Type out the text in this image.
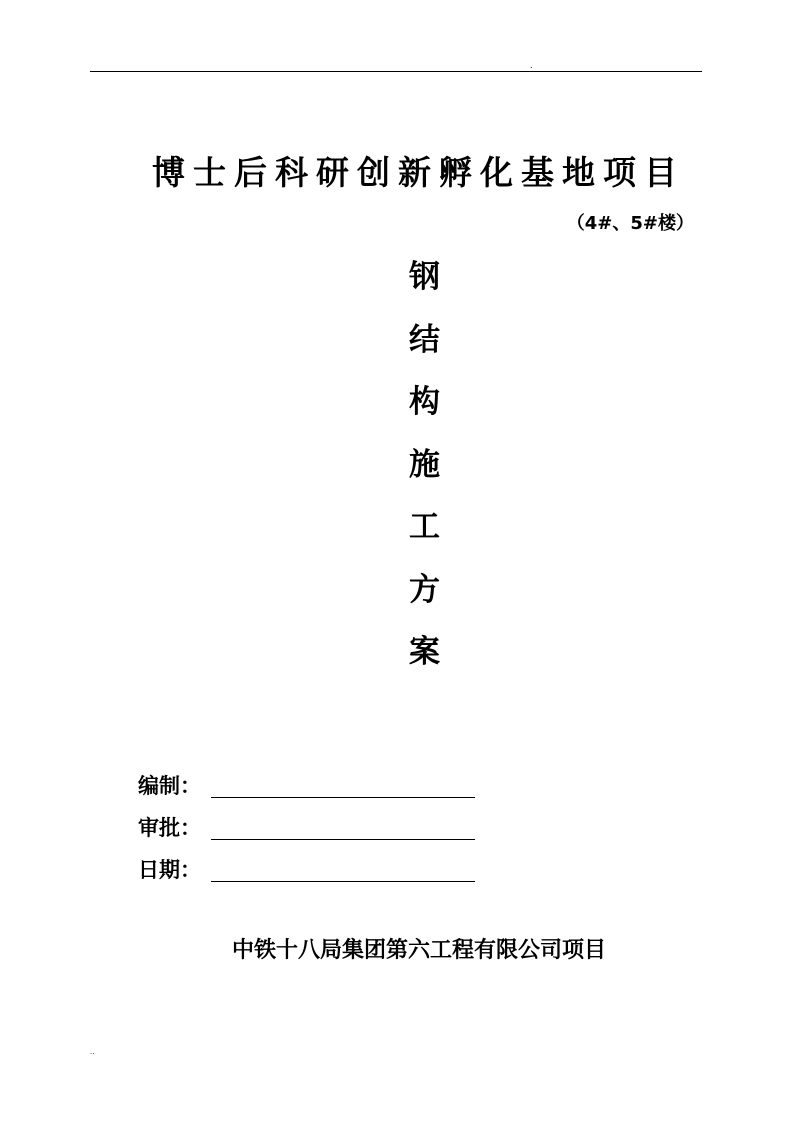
.
博士后科研创新孵化基地项目
（4#、5#楼）
钢
结
构
施
工
方
案
编制：
审批：
日期：
中铁十八局集团第六工程有限公司项目
..
